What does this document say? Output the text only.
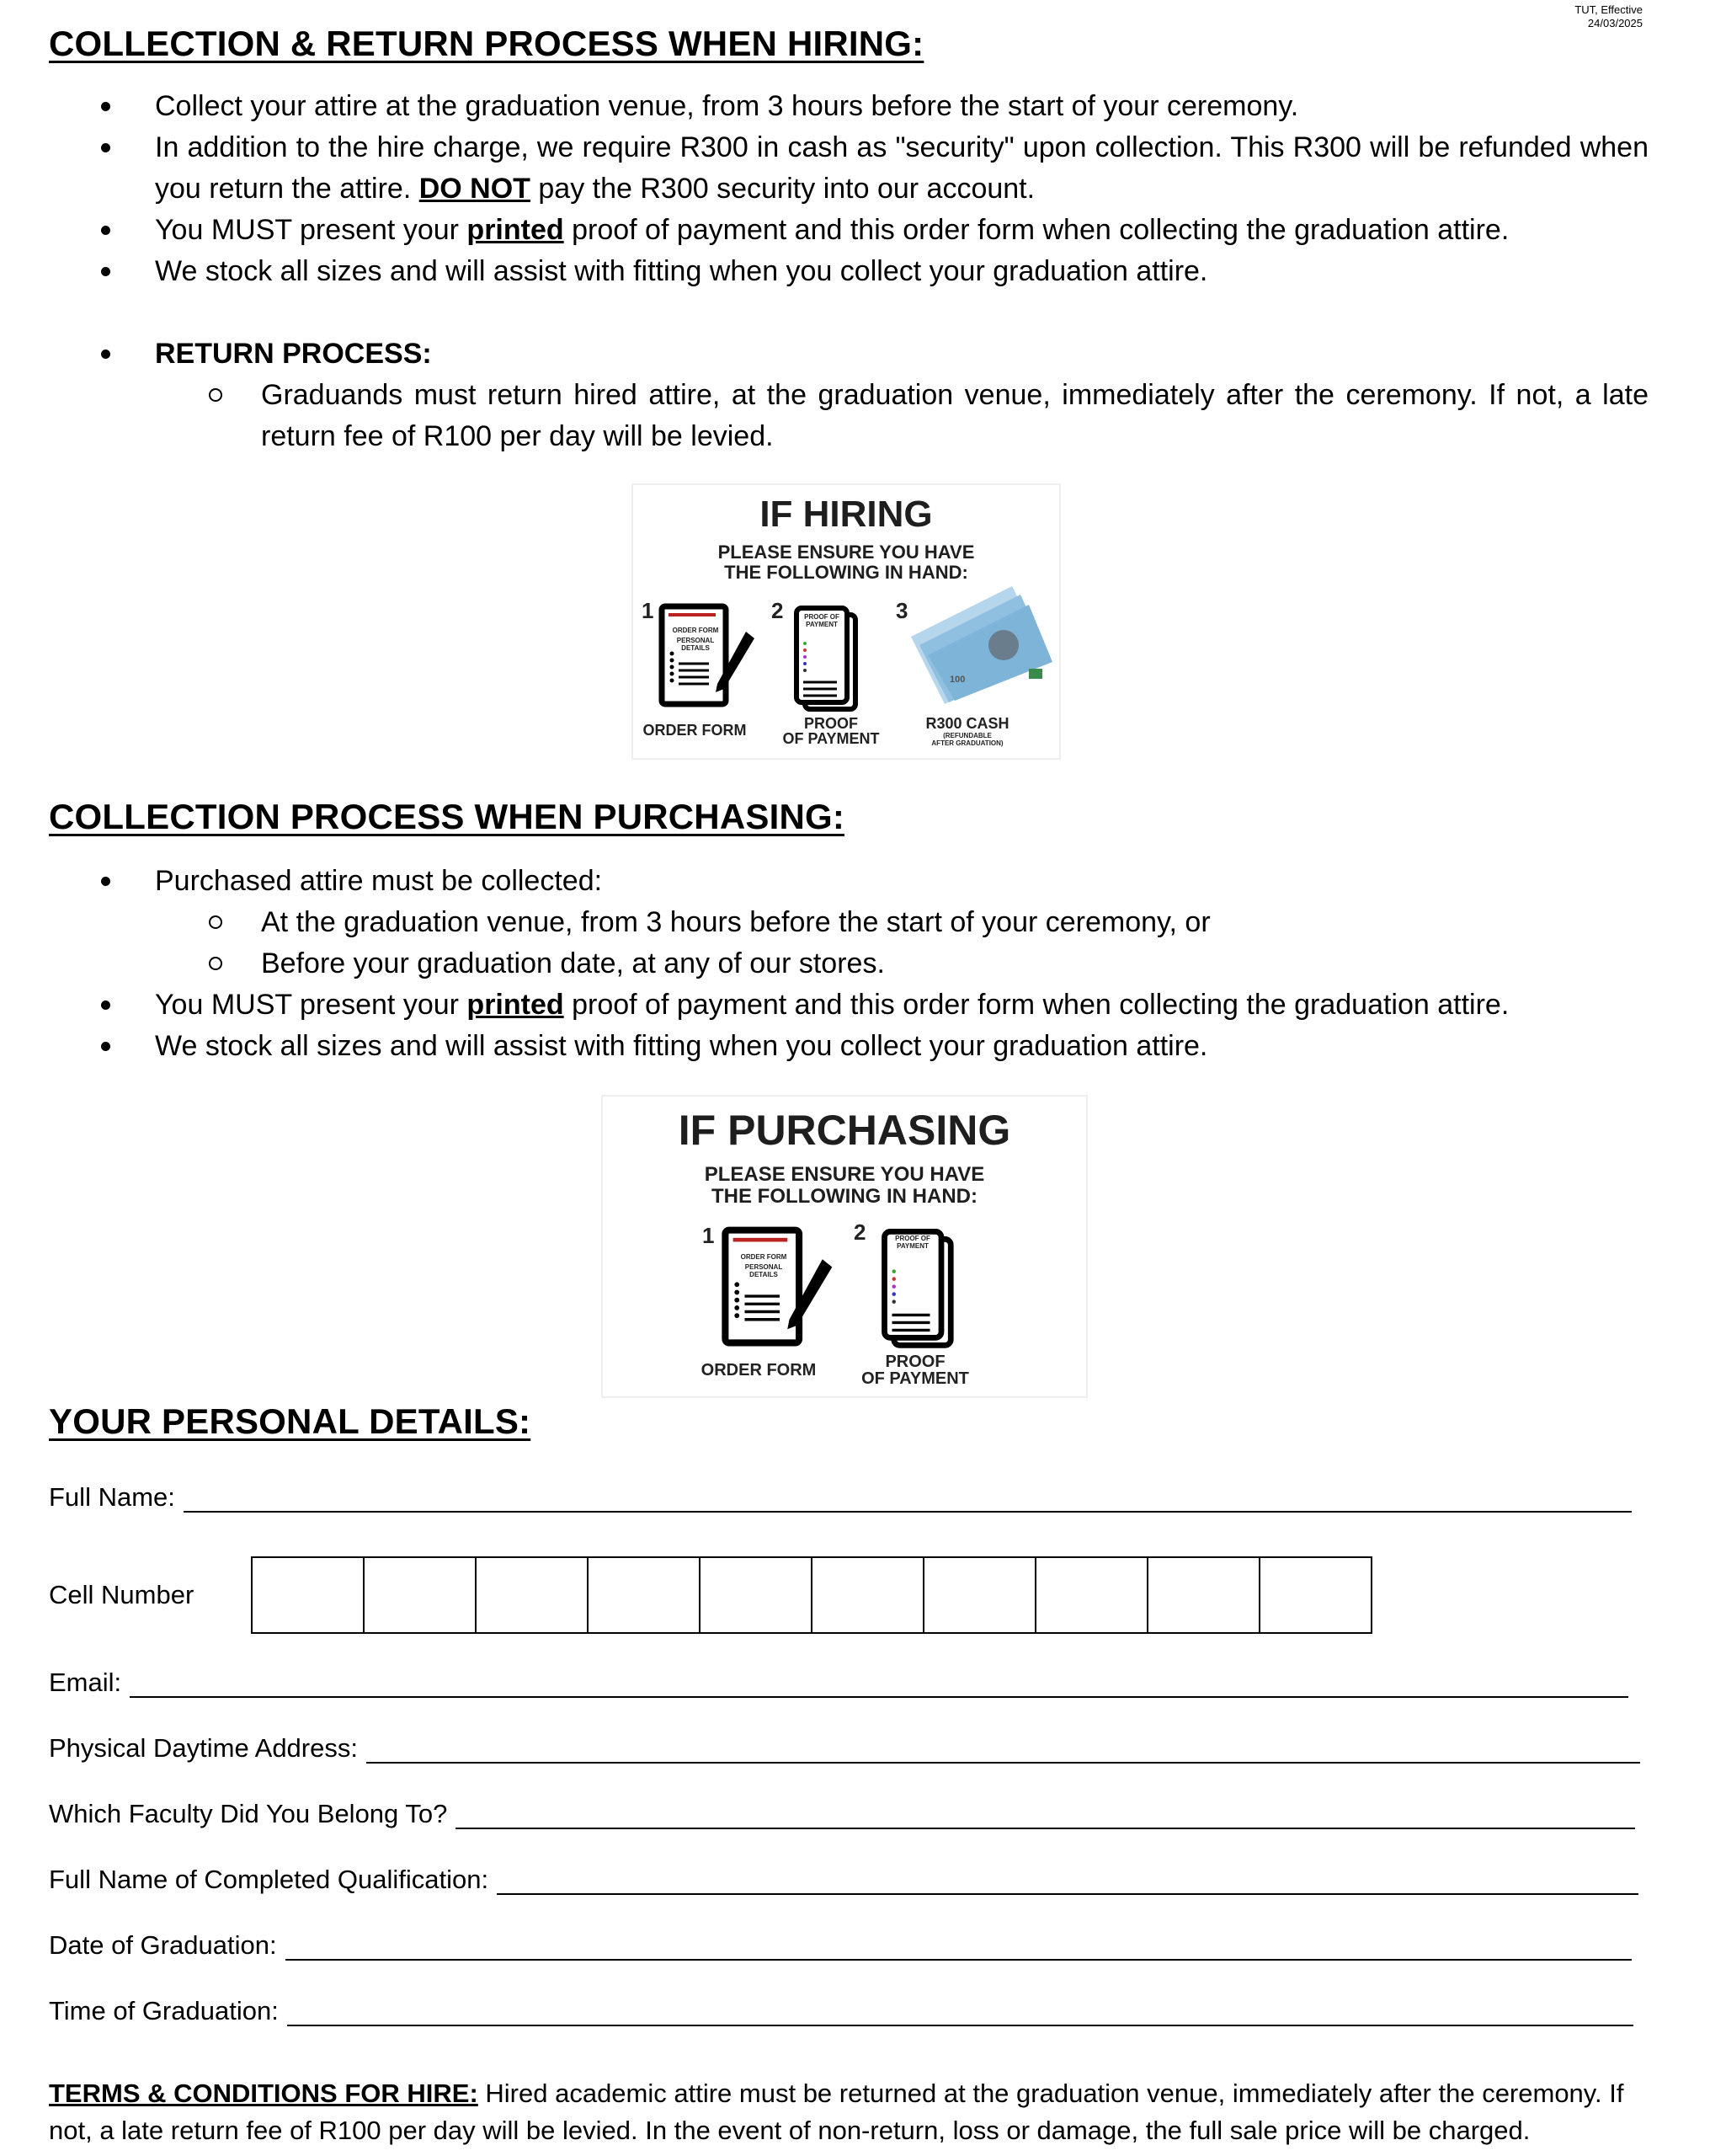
TUT, Effective
24/03/2025
COLLECTION & RETURN PROCESS WHEN HIRING:
Collect your attire at the graduation venue, from 3 hours before the start of your ceremony.
In addition to the hire charge, we require R300 in cash as "security" upon collection. This R300 will be refunded when you return the attire. DO NOT pay the R300 security into our account.
You MUST present your printed proof of payment and this order form when collecting the graduation attire.
We stock all sizes and will assist with fitting when you collect your graduation attire.
RETURN PROCESS:
Graduands must return hired attire, at the graduation venue, immediately after the ceremony. If not, a late return fee of R100 per day will be levied.
IF HIRING
PLEASE ENSURE YOU HAVE
THE FOLLOWING IN HAND:
1	2	3
ORDER FORM
PERSONAL DETAILS
PROOF OF PAYMENT
100
ORDER FORM	PROOF
OF PAYMENT
R300 CASH
(REFUNDABLE
AFTER GRADUATION)
COLLECTION PROCESS WHEN PURCHASING:
Purchased attire must be collected:
At the graduation venue, from 3 hours before the start of your ceremony, or
Before your graduation date, at any of our stores.
You MUST present your printed proof of payment and this order form when collecting the graduation attire.
We stock all sizes and will assist with fitting when you collect your graduation attire.
IF PURCHASING
PLEASE ENSURE YOU HAVE
THE FOLLOWING IN HAND:
1	2
ORDER FORM
PERSONAL DETAILS
PROOF OF PAYMENT
ORDER FORM	PROOF
OF PAYMENT
YOUR PERSONAL DETAILS:
Full Name:
Cell Number
Email:
Physical Daytime Address:
Which Faculty Did You Belong To?
Full Name of Completed Qualification:
Date of Graduation:
Time of Graduation:
TERMS & CONDITIONS FOR HIRE: Hired academic attire must be returned at the graduation venue, immediately after the ceremony. If not, a late return fee of R100 per day will be levied. In the event of non-return, loss or damage, the full sale price will be charged.
